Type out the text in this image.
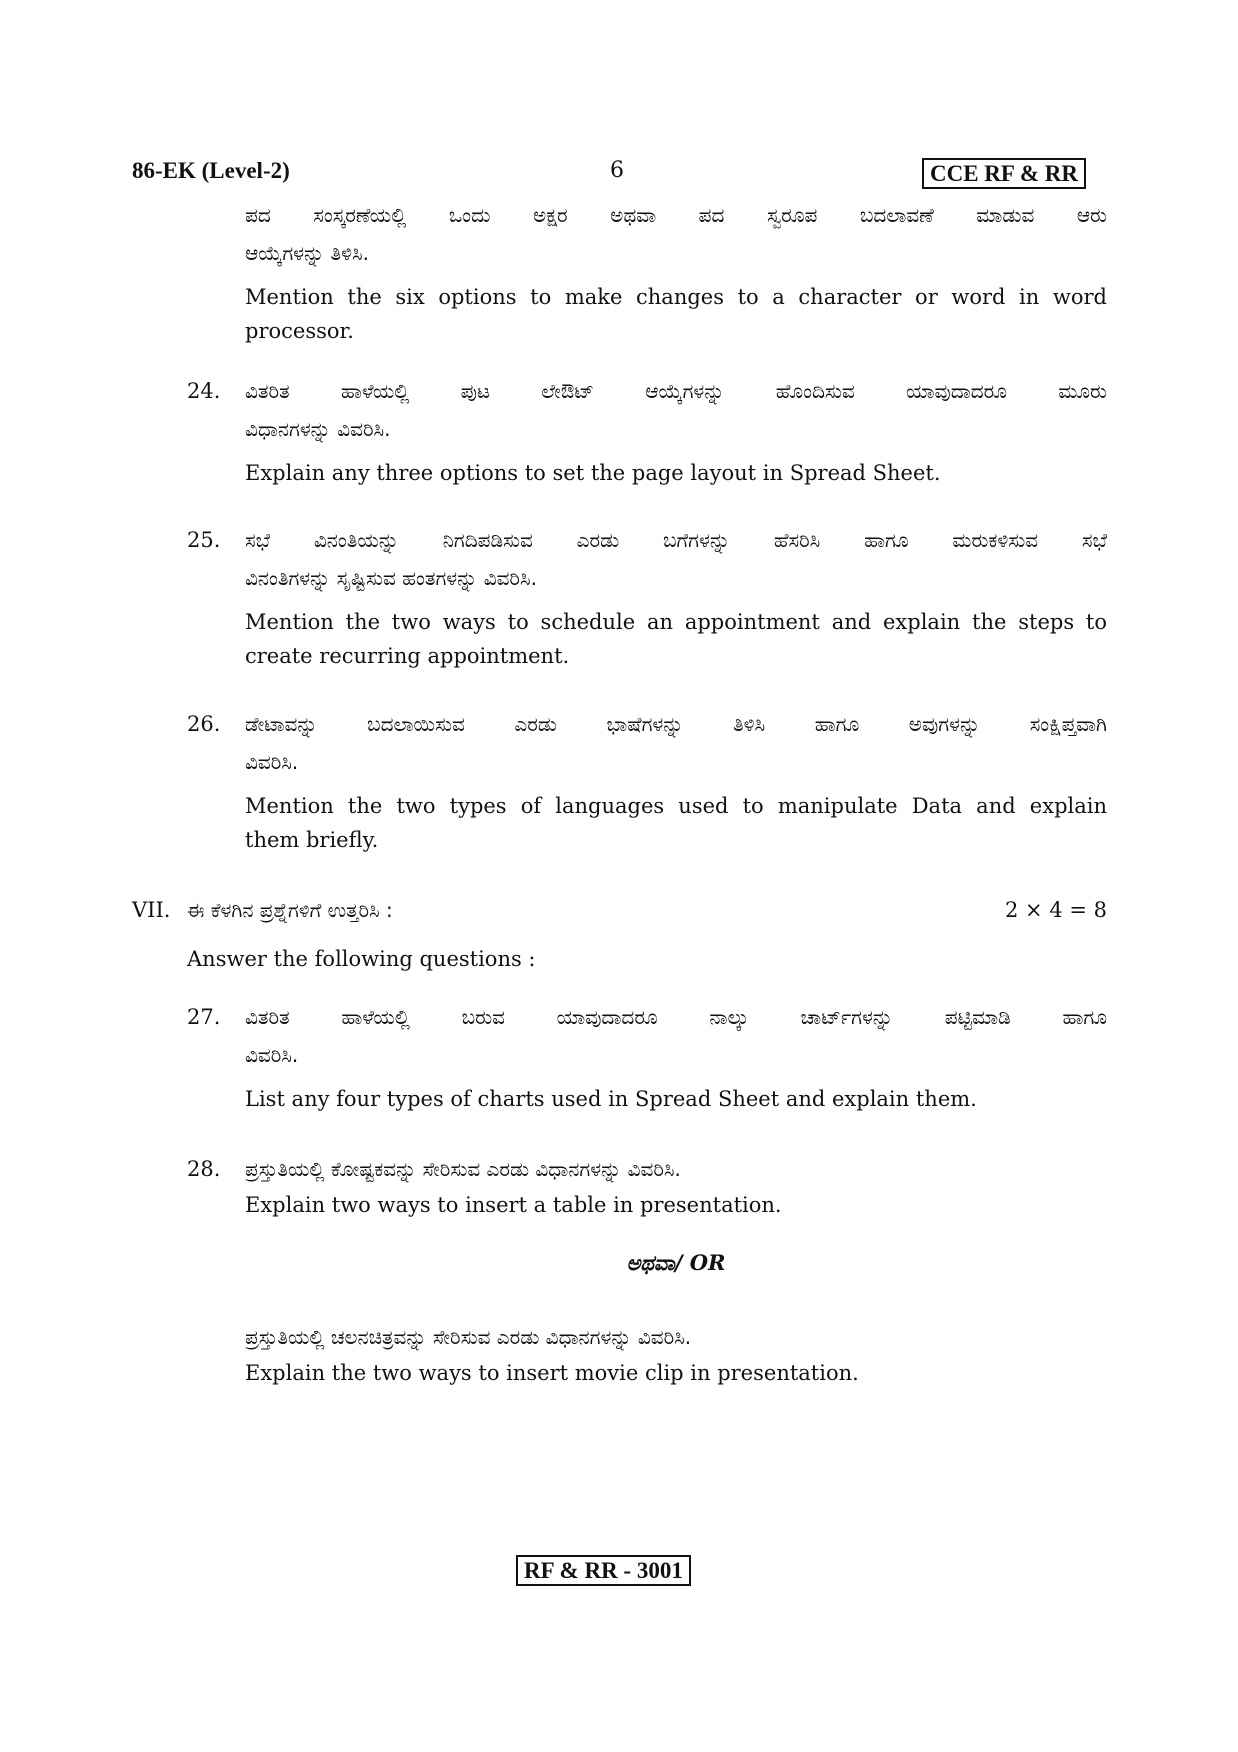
86-EK (Level-2)	6	CCE RF & RR
ಪದ ಸಂಸ್ಕರಣೆಯಲ್ಲಿ ಒಂದು ಅಕ್ಷರ ಅಥವಾ ಪದ ಸ್ವರೂಪ ಬದಲಾವಣೆ ಮಾಡುವ ಆರು
ಆಯ್ಕೆಗಳನ್ನು ತಿಳಿಸಿ.
Mention the six options to make changes to a character or word in word
processor.
24. ವಿತರಿತ ಹಾಳೆಯಲ್ಲಿ ಪುಟ ಲೇಔಟ್ ಆಯ್ಕೆಗಳನ್ನು ಹೊಂದಿಸುವ ಯಾವುದಾದರೂ ಮೂರು
ವಿಧಾನಗಳನ್ನು ವಿವರಿಸಿ.
Explain any three options to set the page layout in Spread Sheet.
25. ಸಭೆ ವಿನಂತಿಯನ್ನು ನಿಗದಿಪಡಿಸುವ ಎರಡು ಬಗೆಗಳನ್ನು ಹೆಸರಿಸಿ ಹಾಗೂ ಮರುಕಳಿಸುವ ಸಭೆ
ವಿನಂತಿಗಳನ್ನು ಸೃಷ್ಟಿಸುವ ಹಂತಗಳನ್ನು ವಿವರಿಸಿ.
Mention the two ways to schedule an appointment and explain the steps to
create recurring appointment.
26. ಡೇಟಾವನ್ನು ಬದಲಾಯಿಸುವ ಎರಡು ಭಾಷೆಗಳನ್ನು ತಿಳಿಸಿ ಹಾಗೂ ಅವುಗಳನ್ನು ಸಂಕ್ಷಿಪ್ತವಾಗಿ
ವಿವರಿಸಿ.
Mention the two types of languages used to manipulate Data and explain
them briefly.
VII. ಈ ಕೆಳಗಿನ ಪ್ರಶ್ನೆಗಳಿಗೆ ಉತ್ತರಿಸಿ :	2 × 4 = 8
Answer the following questions :
27. ವಿತರಿತ ಹಾಳೆಯಲ್ಲಿ ಬರುವ ಯಾವುದಾದರೂ ನಾಲ್ಕು ಚಾರ್ಟ್‌ಗಳನ್ನು ಪಟ್ಟಿಮಾಡಿ ಹಾಗೂ
ವಿವರಿಸಿ.
List any four types of charts used in Spread Sheet and explain them.
28. ಪ್ರಸ್ತುತಿಯಲ್ಲಿ ಕೋಷ್ಟಕವನ್ನು ಸೇರಿಸುವ ಎರಡು ವಿಧಾನಗಳನ್ನು ವಿವರಿಸಿ.
Explain two ways to insert a table in presentation.
ಅಥವಾ/ OR
ಪ್ರಸ್ತುತಿಯಲ್ಲಿ ಚಲನಚಿತ್ರವನ್ನು ಸೇರಿಸುವ ಎರಡು ವಿಧಾನಗಳನ್ನು ವಿವರಿಸಿ.
Explain the two ways to insert movie clip in presentation.
RF & RR - 3001
